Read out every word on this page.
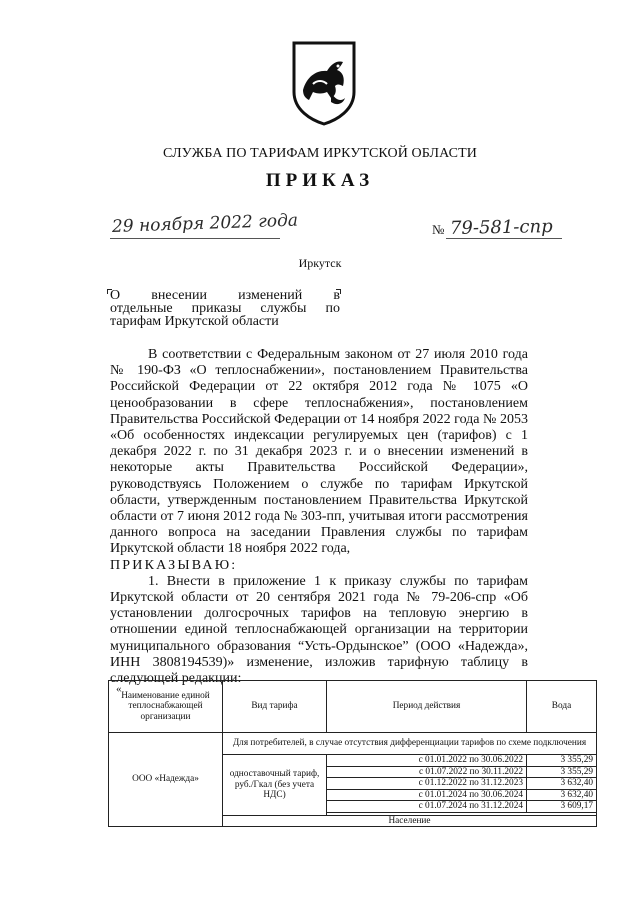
СЛУЖБА ПО ТАРИФАМ ИРКУТСКОЙ ОБЛАСТИ
ПРИКАЗ
29 ноября 2022 года	№ 79-581-спр
Иркутск
О внесении изменений в
отдельные приказы службы по
тарифам Иркутской области

В соответствии с Федеральным законом от 27 июля 2010 года № 190-ФЗ «О теплоснабжении», постановлением Правительства Российской Федерации от 22 октября 2012 года № 1075 «О ценообразовании в сфере теплоснабжения», постановлением Правительства Российской Федерации от 14 ноября 2022 года № 2053 «Об особенностях индексации регулируемых цен (тарифов) с 1 декабря 2022 г. по 31 декабря 2023 г. и о внесении изменений в некоторые акты Правительства Российской Федерации», руководствуясь Положением о службе по тарифам Иркутской области, утвержденным постановлением Правительства Иркутской области от 7 июня 2012 года № 303-пп, учитывая итоги рассмотрения данного вопроса на заседании Правления службы по тарифам Иркутской области 18 ноября 2022 года,

ПРИКАЗЫВАЮ:

1. Внести в приложение 1 к приказу службы по тарифам Иркутской области от 20 сентября 2021 года № 79-206-спр «Об установлении долгосрочных тарифов на тепловую энергию в отношении единой теплоснабжающей организации на территории муниципального образования “Усть-Ордынское” (ООО «Надежда», ИНН 3808194539)» изменение, изложив тарифную таблицу в следующей редакции:

«
Наименование единой теплоснабжающей организации	Вид тарифа	Период действия	Вода
ООО «Надежда»	Для потребителей, в случае отсутствия дифференциации тарифов по схеме подключения		
	одноставочный тариф, руб./Гкал (без учета НДС)	с 01.01.2022 по 30.06.2022	3 355,29
		с 01.07.2022 по 30.11.2022	3 355,29
		с 01.12.2022 по 31.12.2023	3 632,40
		с 01.01.2024 по 30.06.2024	3 632,40
		с 01.07.2024 по 31.12.2024	3 609,17

	Население		
